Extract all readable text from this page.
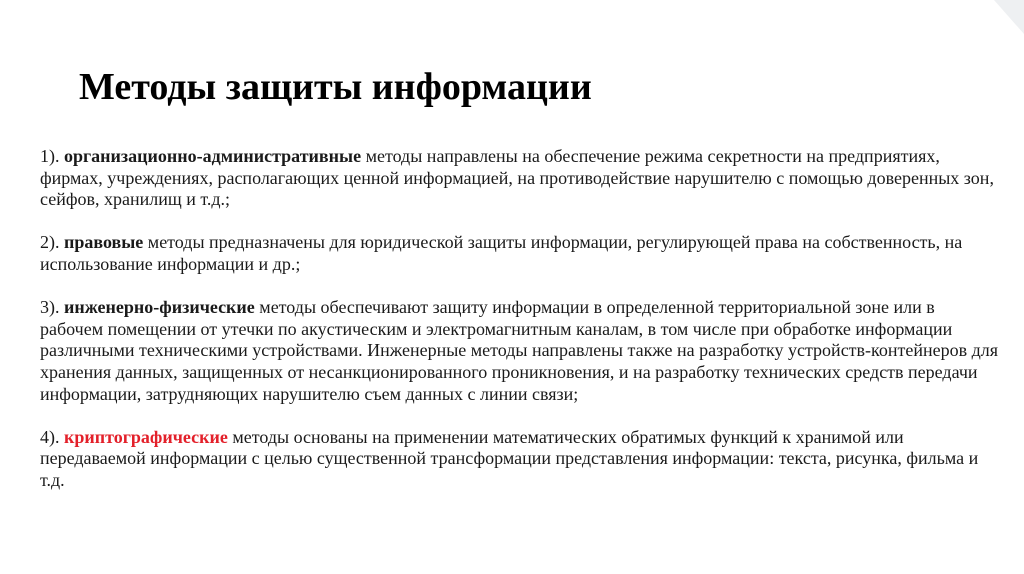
Методы защиты информации

1). организационно-административные методы направлены на обеспечение режима секретности на предприятиях, фирмах, учреждениях, располагающих ценной информацией, на противодействие нарушителю с помощью доверенных зон, сейфов, хранилищ и т.д.;

2). правовые методы предназначены для юридической защиты информации, регулирующей права на собственность, на использование информации и др.;

3). инженерно-физические методы обеспечивают защиту информации в определенной территориальной зоне или в рабочем помещении от утечки по акустическим и электромагнитным каналам, в том числе при обработке информации различными техническими устройствами. Инженерные методы направлены также на разработку устройств-контейнеров для хранения данных, защищенных от несанкционированного проникновения, и на разработку технических средств передачи информации, затрудняющих нарушителю съем данных с линии связи;

4). криптографические методы основаны на применении математических обратимых функций к хранимой или передаваемой информации с целью существенной трансформации представления информации: текста, рисунка, фильма и т.д.
